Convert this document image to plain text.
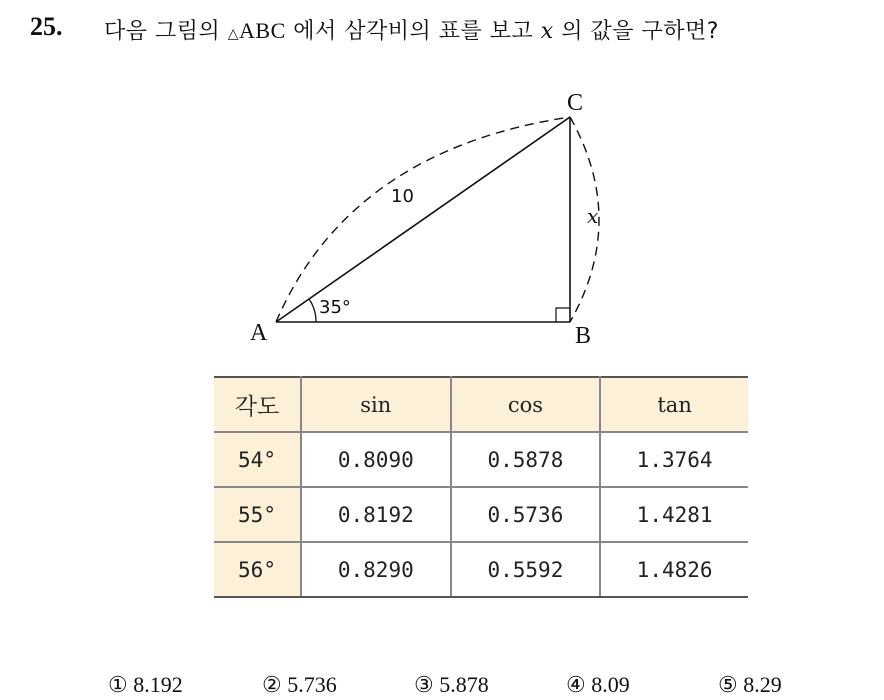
25. 다음 그림의 △ABC 에서 삼각비의 표를 보고 x 의 값을 구하면?
A	B
C
10
35°
x
각도	sin	cos	tan
54°	0.8090	0.5878	1.3764
55°	0.8192	0.5736	1.4281
56°	0.8290	0.5592	1.4826
① 8.192	② 5.736	③ 5.878	④ 8.09	⑤ 8.29
